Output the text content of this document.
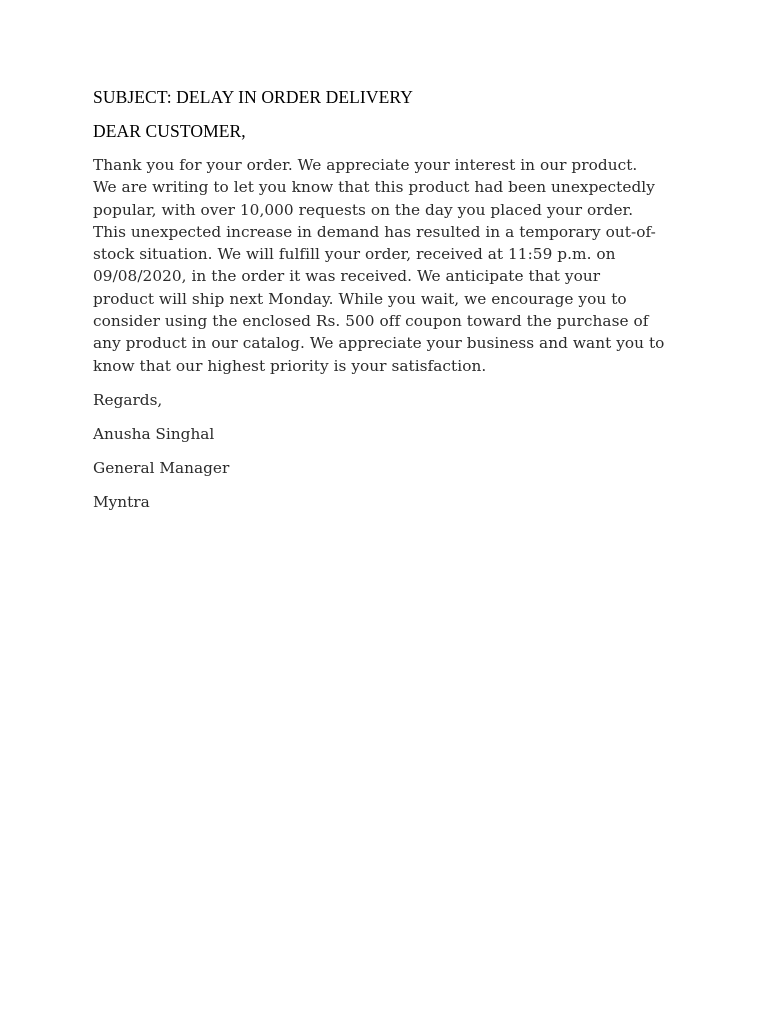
SUBJECT: DELAY IN ORDER DELIVERY

DEAR CUSTOMER,

Thank you for your order. We appreciate your interest in our product.
We are writing to let you know that this product had been unexpectedly
popular, with over 10,000 requests on the day you placed your order.
This unexpected increase in demand has resulted in a temporary out-of-
stock situation. We will fulfill your order, received at 11:59 p.m. on
09/08/2020, in the order it was received. We anticipate that your
product will ship next Monday. While you wait, we encourage you to
consider using the enclosed Rs. 500 off coupon toward the purchase of
any product in our catalog. We appreciate your business and want you to
know that our highest priority is your satisfaction.

Regards,

Anusha Singhal

General Manager

Myntra
